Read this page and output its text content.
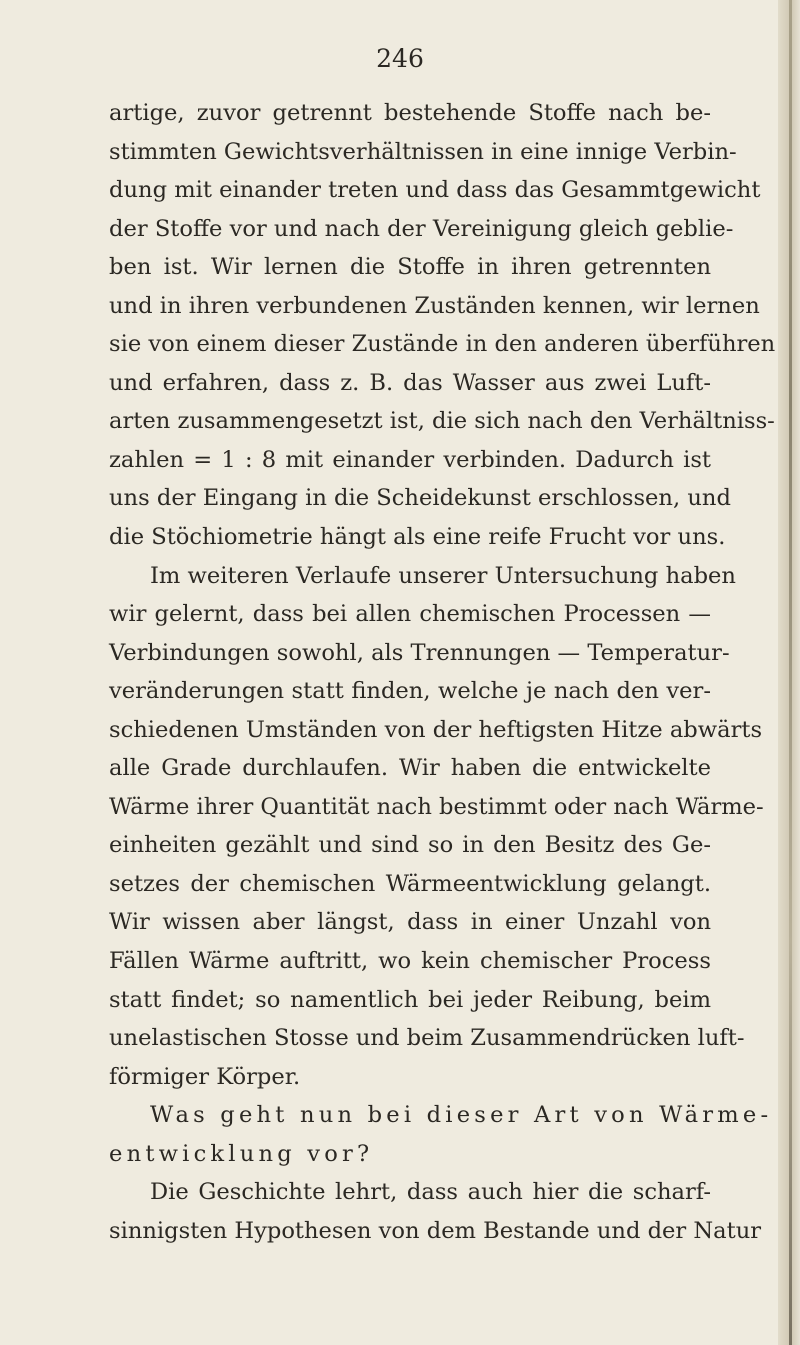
246
artige, zuvor getrennt bestehende Stoffe nach be-
stimmten Gewichtsverhältnissen in eine innige Verbin-
dung mit einander treten und dass das Gesammtgewicht
der Stoffe vor und nach der Vereinigung gleich geblie-
ben ist. Wir lernen die Stoffe in ihren getrennten
und in ihren verbundenen Zuständen kennen, wir lernen
sie von einem dieser Zustände in den anderen überführen
und erfahren, dass z. B. das Wasser aus zwei Luft-
arten zusammengesetzt ist, die sich nach den Verhältniss-
zahlen = 1 : 8 mit einander verbinden. Dadurch ist
uns der Eingang in die Scheidekunst erschlossen, und
die Stöchiometrie hängt als eine reife Frucht vor uns.
Im weiteren Verlaufe unserer Untersuchung haben
wir gelernt, dass bei allen chemischen Processen —
Verbindungen sowohl, als Trennungen — Temperatur-
veränderungen statt finden, welche je nach den ver-
schiedenen Umständen von der heftigsten Hitze abwärts
alle Grade durchlaufen. Wir haben die entwickelte
Wärme ihrer Quantität nach bestimmt oder nach Wärme-
einheiten gezählt und sind so in den Besitz des Ge-
setzes der chemischen Wärmeentwicklung gelangt.
Wir wissen aber längst, dass in einer Unzahl von
Fällen Wärme auftritt, wo kein chemischer Process
statt findet; so namentlich bei jeder Reibung, beim
unelastischen Stosse und beim Zusammendrücken luft-
förmiger Körper.
Was geht nun bei dieser Art von Wärme-
entwicklung vor?
Die Geschichte lehrt, dass auch hier die scharf-
sinnigsten Hypothesen von dem Bestande und der Natur
